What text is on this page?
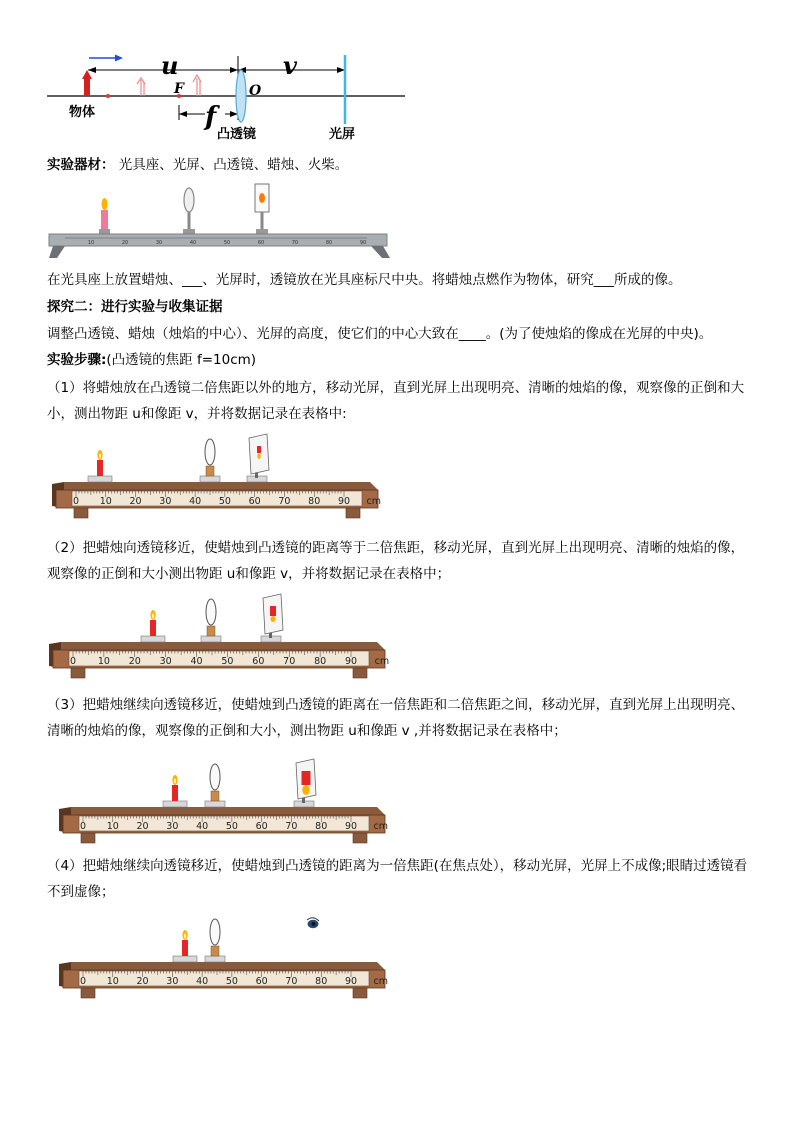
u	v
F	O
f
物体
凸透镜	光屏
实验器材： 光具座、光屏、凸透镜、蜡烛、火柴。
10	20	30	40	50	60	70	80	90
在光具座上放置蜡烛、___、光屏时，透镜放在光具座标尺中央。将蜡烛点燃作为物体，研究___所成的像。
探究二：进行实验与收集证据
调整凸透镜、蜡烛（烛焰的中心）、光屏的高度，使它们的中心大致在____。(为了使烛焰的像成在光屏的中央)。
实验步骤:(凸透镜的焦距 f=10cm)
（1）将蜡烛放在凸透镜二倍焦距以外的地方，移动光屏，直到光屏上出现明亮、清晰的烛焰的像，观察像的正倒和大小，测出物距 u和像距 v，并将数据记录在表格中:
0 10 20 30 40 50 60 70 80 90 cm
（2）把蜡烛向透镜移近，使蜡烛到凸透镜的距离等于二倍焦距，移动光屏，直到光屏上出现明亮、清晰的烛焰的像，观察像的正倒和大小测出物距 u和像距 v，并将数据记录在表格中；
0 10 20 30 40 50 60 70 80 90 cm
（3）把蜡烛继续向透镜移近，使蜡烛到凸透镜的距离在一倍焦距和二倍焦距之间，移动光屏，直到光屏上出现明亮、清晰的烛焰的像，观察像的正倒和大小，测出物距 u和像距 v ,并将数据记录在表格中；
0 10 20 30 40 50 60 70 80 90 cm
（4）把蜡烛继续向透镜移近，使蜡烛到凸透镜的距离为一倍焦距(在焦点处），移动光屏，光屏上不成像;眼睛过透镜看不到虚像；
0 10 20 30 40 50 60 70 80 90 cm
